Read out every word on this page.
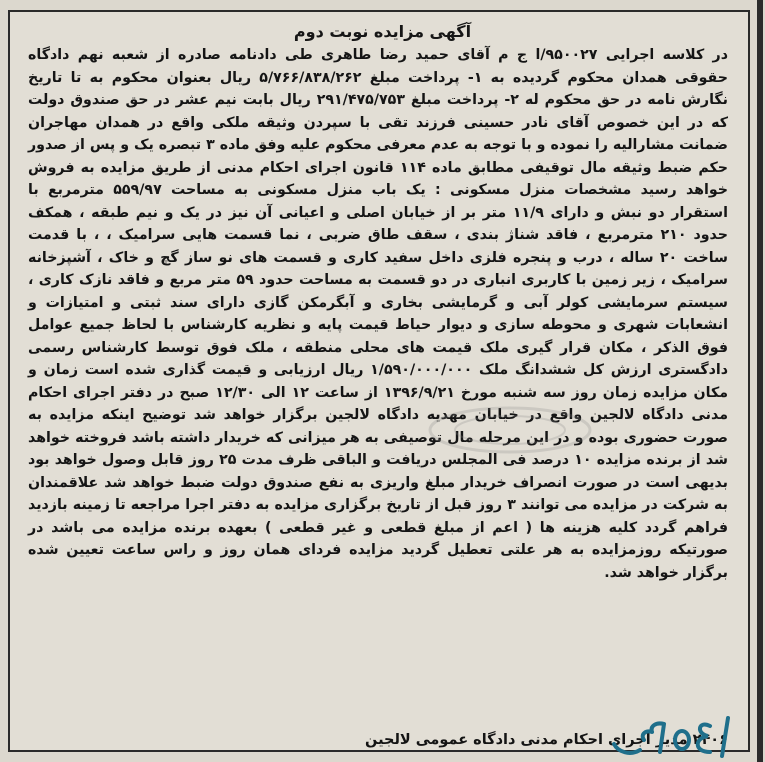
آگهی مزایده نوبت دوم
در کلاسه اجرایی ۹۵۰۰۲۷/ا ج م آقای حمید رضا طاهری طی دادنامه صادره از شعبه نهم دادگاه حقوقی همدان محکوم گردیده به ۱- پرداخت مبلغ ۵/۷۶۶/۸۳۸/۲۶۲ ریال بعنوان محکوم به تا تاریخ نگارش نامه در حق محکوم له ۲- پرداخت مبلغ ۲۹۱/۴۷۵/۷۵۳ ریال بابت نیم عشر در حق صندوق دولت که در این خصوص آقای نادر حسینی فرزند تقی با سپردن وثیقه ملکی واقع در همدان مهاجران ضمانت مشارالیه را نموده و با توجه به عدم معرفی محکوم علیه وفق ماده ۳ تبصره یک و پس از صدور حکم ضبط وثیقه مال توقیفی مطابق ماده ۱۱۴ قانون اجرای احکام مدنی از طریق مزایده به فروش خواهد رسید مشخصات منزل مسکونی : یک باب منزل مسکونی به مساحت ۵۵۹/۹۷ مترمربع با استقرار دو نبش و دارای ۱۱/۹ متر بر از خیابان اصلی و اعیانی آن نیز در یک و نیم طبقه ، همکف حدود ۲۱۰ مترمربع ، فاقد شناژ بندی ، سقف طاق ضربی ، نما قسمت هایی سرامیک ، ، با قدمت ساخت ۲۰ ساله ، درب و پنجره فلزی داخل سفید کاری و قسمت های نو ساز گچ و خاک ، آشپزخانه سرامیک ، زیر زمین با کاربری انباری در دو قسمت به مساحت حدود ۵۹ متر مربع و فاقد نازک کاری ، سیستم سرمایشی کولر آبی و گرمایشی بخاری و آبگرمکن گازی دارای سند ثبتی و امتیازات و انشعابات شهری و محوطه سازی و دیوار حیاط قیمت پایه و نظریه کارشناس با لحاظ جمیع عوامل فوق الذکر ، مکان قرار گیری ملک قیمت های محلی منطقه ، ملک فوق توسط کارشناس رسمی دادگستری ارزش کل ششدانگ ملک ۱/۵۹۰/۰۰۰/۰۰۰ ریال ارزیابی و قیمت گذاری شده است زمان و مکان مزایده زمان روز سه شنبه مورخ ۱۳۹۶/۹/۲۱ از ساعت ۱۲ الی ۱۲/۳۰ صبح در دفتر اجرای احکام مدنی دادگاه لالجین واقع در خیابان مهدیه دادگاه لالجین برگزار خواهد شد توضیح اینکه مزایده به صورت حضوری بوده و در این مرحله مال توصیفی به هر میزانی که خریدار داشته باشد فروخته خواهد شد از برنده مزایده ۱۰ درصد فی المجلس دریافت و الباقی ظرف مدت ۲۵ روز قابل وصول خواهد بود بدیهی است در صورت انصراف خریدار مبلغ واریزی به نفع صندوق دولت ضبط خواهد شد علاقمندان به شرکت در مزایده می توانند ۳ روز قبل از تاریخ برگزاری مزایده به دفتر اجرا مراجعه تا زمینه بازدید فراهم گردد کلیه هزینه ها ( اعم از مبلغ قطعی و غیر قطعی ) بعهده برنده مزایده می باشد در صورتیکه روزمزایده به هر علتی تعطیل گردید مزایده فردای همان روز و راس ساعت تعیین شده برگزار خواهد شد.
۲۴۰۶ مدیر اجرای احکام مدنی دادگاه عمومی لالجین
